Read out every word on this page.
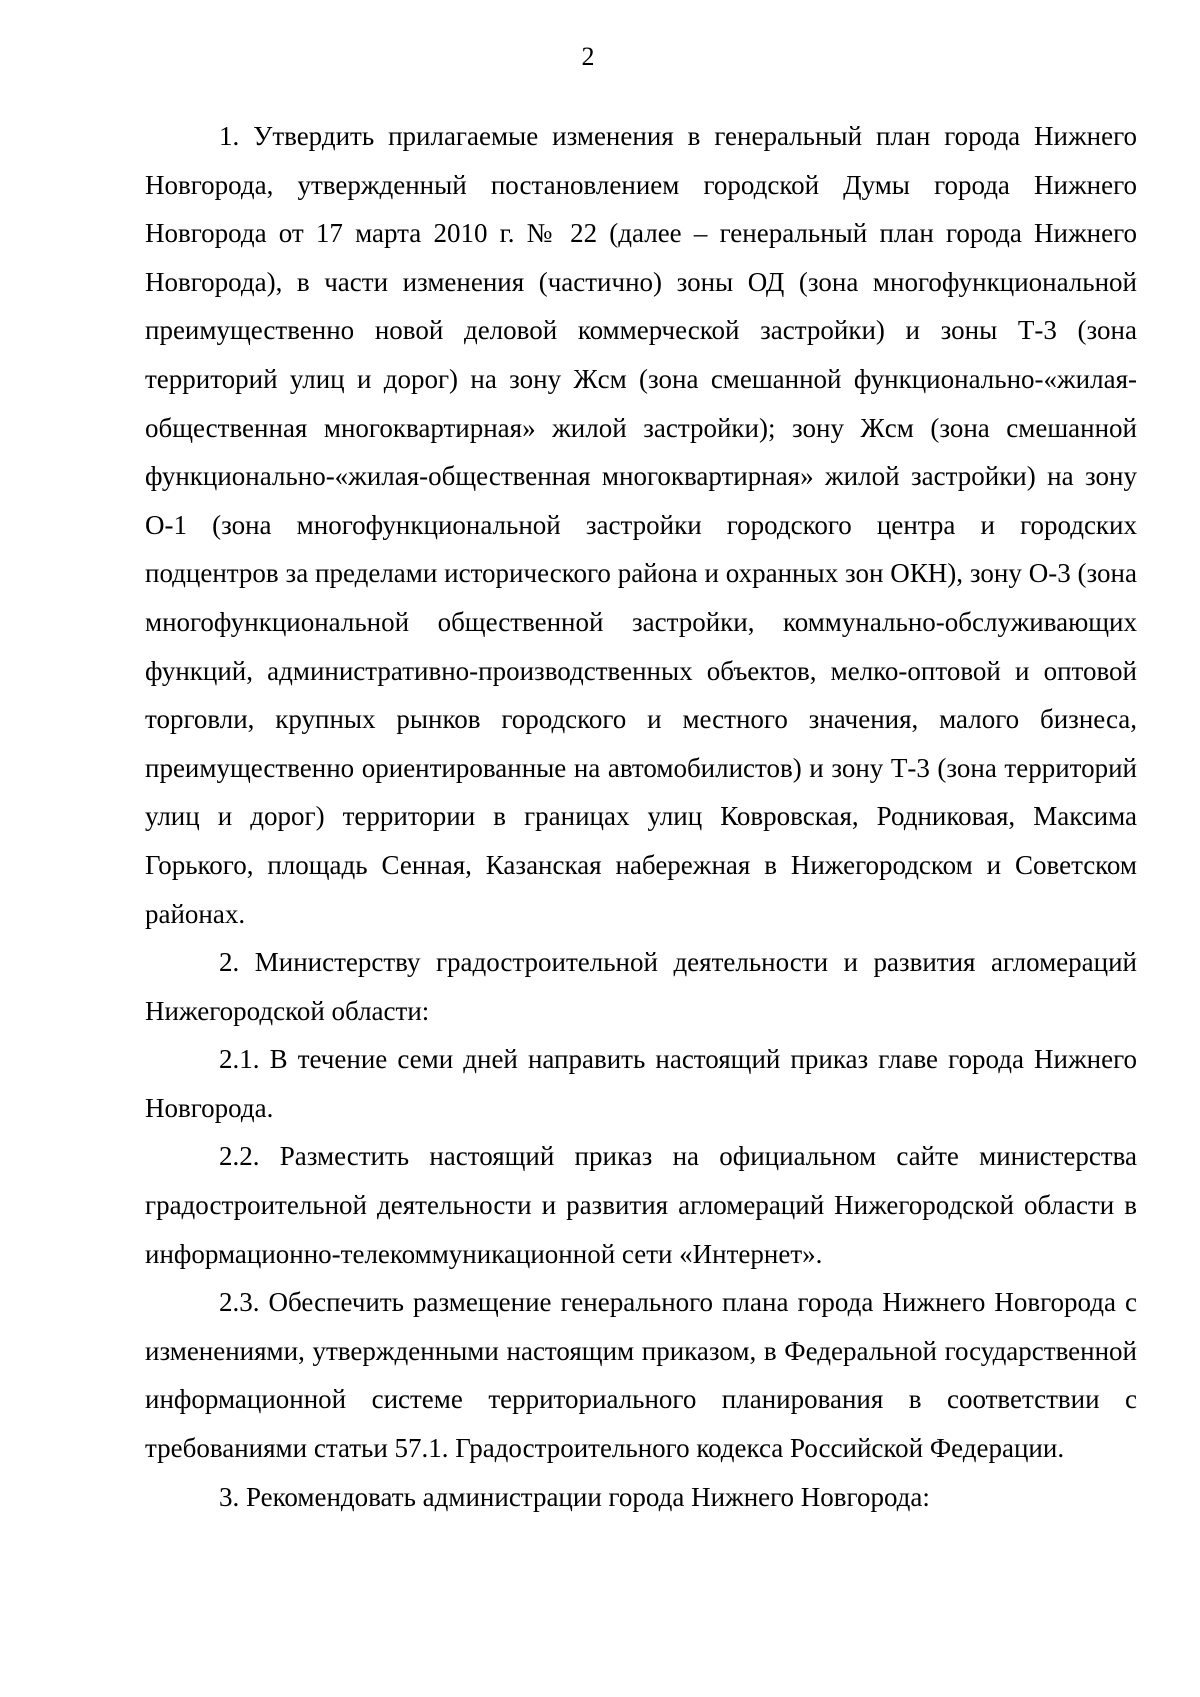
2

1. Утвердить прилагаемые изменения в генеральный план города Нижнего Новгорода, утвержденный постановлением городской Думы города Нижнего Новгорода от 17 марта 2010 г. № 22 (далее – генеральный план города Нижнего Новгорода), в части изменения (частично) зоны ОД (зона многофункциональной преимущественно новой деловой коммерческой застройки) и зоны Т-3 (зона территорий улиц и дорог) на зону Жсм (зона смешанной функционально-«жилая-общественная многоквартирная» жилой застройки); зону Жсм (зона смешанной функционально-«жилая-общественная многоквартирная» жилой застройки) на зону О-1 (зона многофункциональной застройки городского центра и городских подцентров за пределами исторического района и охранных зон ОКН), зону О-3 (зона многофункциональной общественной застройки, коммунально-обслуживающих функций, административно-производственных объектов, мелко-оптовой и оптовой торговли, крупных рынков городского и местного значения, малого бизнеса, преимущественно ориентированные на автомобилистов) и зону Т-3 (зона территорий улиц и дорог) территории в границах улиц Ковровская, Родниковая, Максима Горького, площадь Сенная, Казанская набережная в Нижегородском и Советском районах.

2. Министерству градостроительной деятельности и развития агломераций Нижегородской области:

2.1. В течение семи дней направить настоящий приказ главе города Нижнего Новгорода.

2.2. Разместить настоящий приказ на официальном сайте министерства градостроительной деятельности и развития агломераций Нижегородской области в информационно-телекоммуникационной сети «Интернет».

2.3. Обеспечить размещение генерального плана города Нижнего Новгорода с изменениями, утвержденными настоящим приказом, в Федеральной государственной информационной системе территориального планирования в соответствии с требованиями статьи 57.1. Градостроительного кодекса Российской Федерации.

3. Рекомендовать администрации города Нижнего Новгорода:
